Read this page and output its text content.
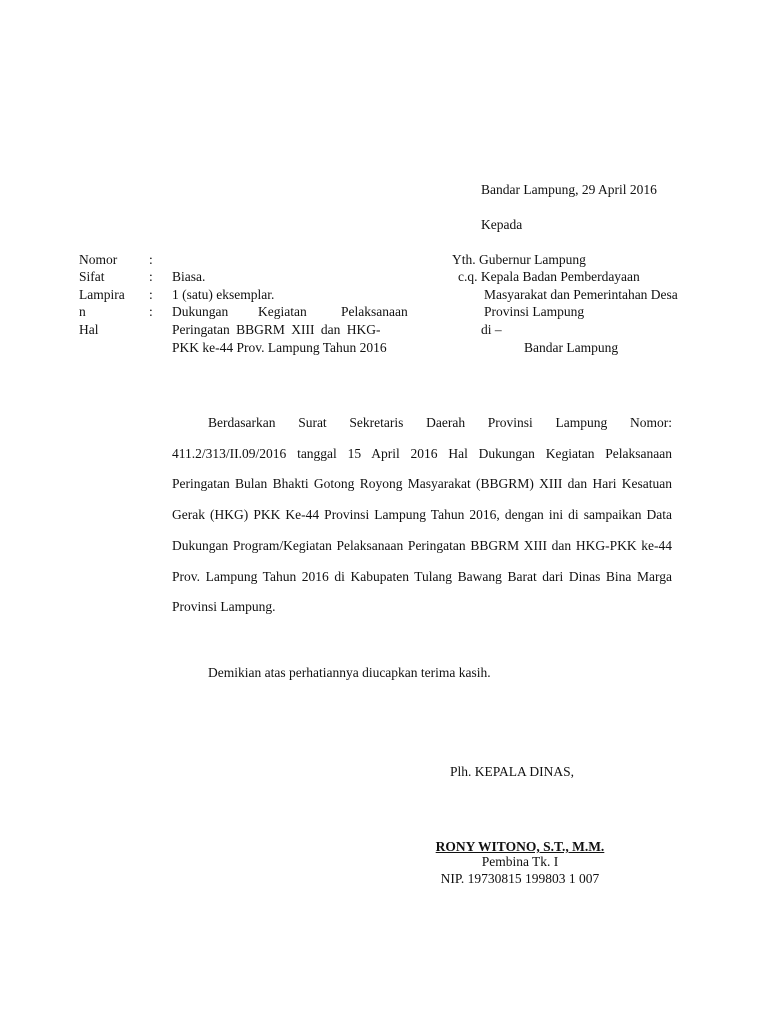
Bandar Lampung, 29 April 2016
Kepada
Yth. Gubernur Lampung
c.q. Kepala Badan Pemberdayaan
Masyarakat dan Pemerintahan Desa
Provinsi Lampung
di –
Bandar Lampung
Nomor
Sifat
Lampira
n
Hal
:
:
:
:
Biasa.
1 (satu) eksemplar.
Dukungan Kegiatan	Pelaksanaan
Peringatan BBGRM XIII dan HKG-
PKK ke-44 Prov. Lampung Tahun 2016

Berdasarkan Surat Sekretaris Daerah Provinsi Lampung Nomor: 411.2/313/II.09/2016 tanggal 15 April 2016 Hal Dukungan Kegiatan Pelaksanaan Peringatan Bulan Bhakti Gotong Royong Masyarakat (BBGRM) XIII dan Hari Kesatuan Gerak (HKG) PKK Ke-44 Provinsi Lampung Tahun 2016, dengan ini di sampaikan Data Dukungan Program/Kegiatan Pelaksanaan Peringatan BBGRM XIII dan HKG-PKK ke-44 Prov. Lampung Tahun 2016 di Kabupaten Tulang Bawang Barat dari Dinas Bina Marga Provinsi Lampung.

Demikian atas perhatiannya diucapkan terima kasih.
Plh. KEPALA DINAS,
RONY WITONO, S.T., M.M.
Pembina Tk. I
NIP. 19730815 199803 1 007
